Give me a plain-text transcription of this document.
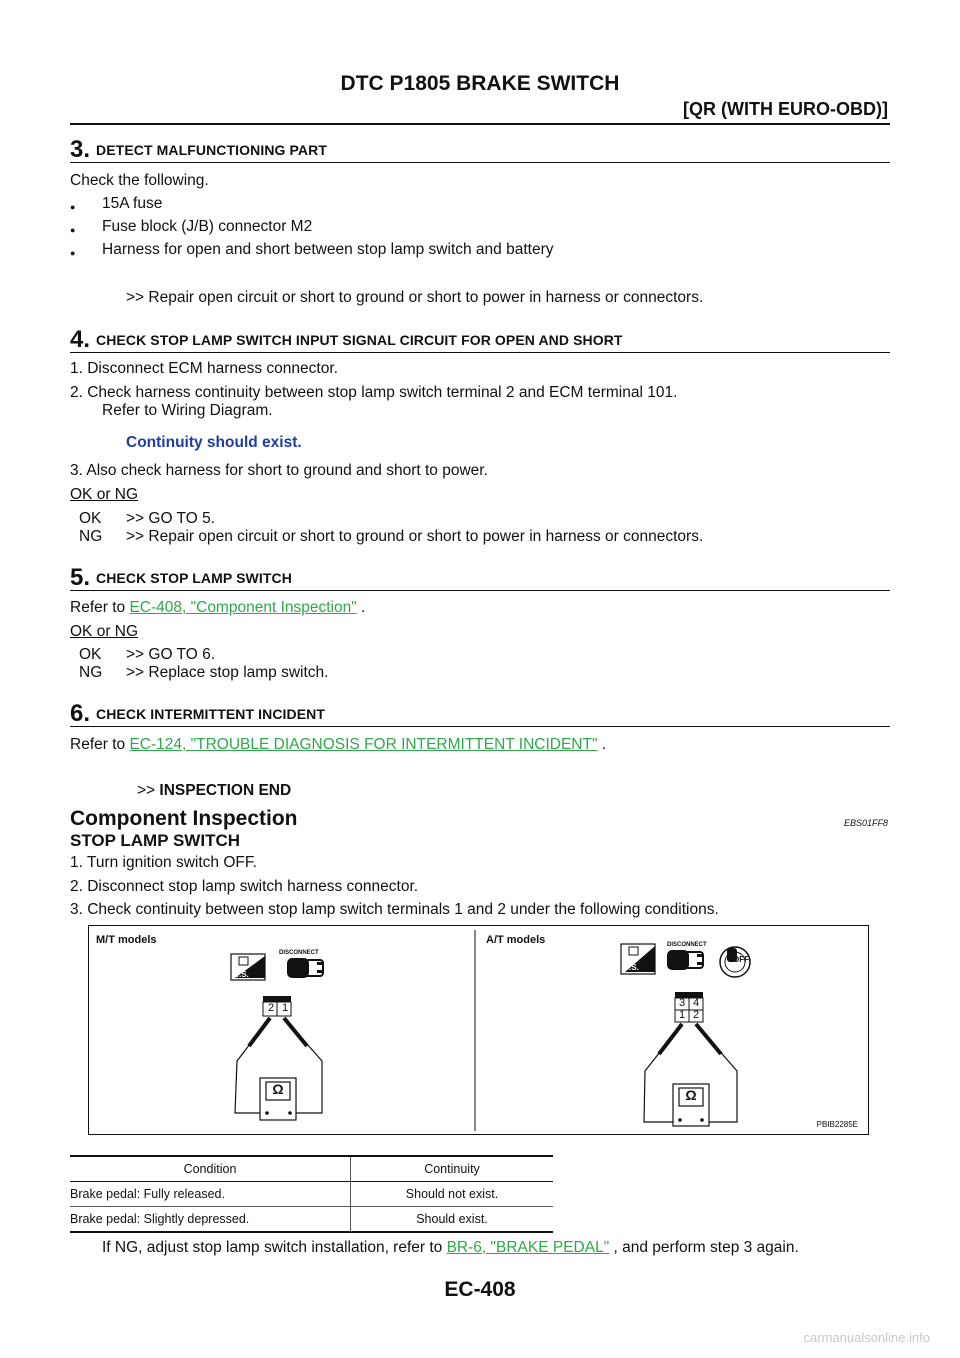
DTC P1805 BRAKE SWITCH
[QR (WITH EURO-OBD)]
3. DETECT MALFUNCTIONING PART
Check the following.
● 15A fuse
● Fuse block (J/B) connector M2
● Harness for open and short between stop lamp switch and battery
>> Repair open circuit or short to ground or short to power in harness or connectors.
4. CHECK STOP LAMP SWITCH INPUT SIGNAL CIRCUIT FOR OPEN AND SHORT
1. Disconnect ECM harness connector.
2. Check harness continuity between stop lamp switch terminal 2 and ECM terminal 101.
Refer to Wiring Diagram.
Continuity should exist.
3. Also check harness for short to ground and short to power.
OK or NG
OK >> GO TO 5.
NG >> Repair open circuit or short to ground or short to power in harness or connectors.
5. CHECK STOP LAMP SWITCH
Refer to EC-408, "Component Inspection" .
OK or NG
OK >> GO TO 6.
NG >> Replace stop lamp switch.
6. CHECK INTERMITTENT INCIDENT
Refer to EC-124, "TROUBLE DIAGNOSIS FOR INTERMITTENT INCIDENT" .
>> INSPECTION END
Component Inspection	EBS01FF8
STOP LAMP SWITCH
1. Turn ignition switch OFF.
2. Disconnect stop lamp switch harness connector.
3. Check continuity between stop lamp switch terminals 1 and 2 under the following conditions.
M/T models	A/T models
T.S.
T.S.
DISCONNECT
DISCONNECT
OFF
2 1	3 4
1 2
Ω	Ω
PBIB2285E
Condition	Continuity
Brake pedal: Fully released.	Should not exist.
Brake pedal: Slightly depressed.	Should exist.
If NG, adjust stop lamp switch installation, refer to BR-6, "BRAKE PEDAL" , and perform step 3 again.
EC-408
carmanualsonline.info
